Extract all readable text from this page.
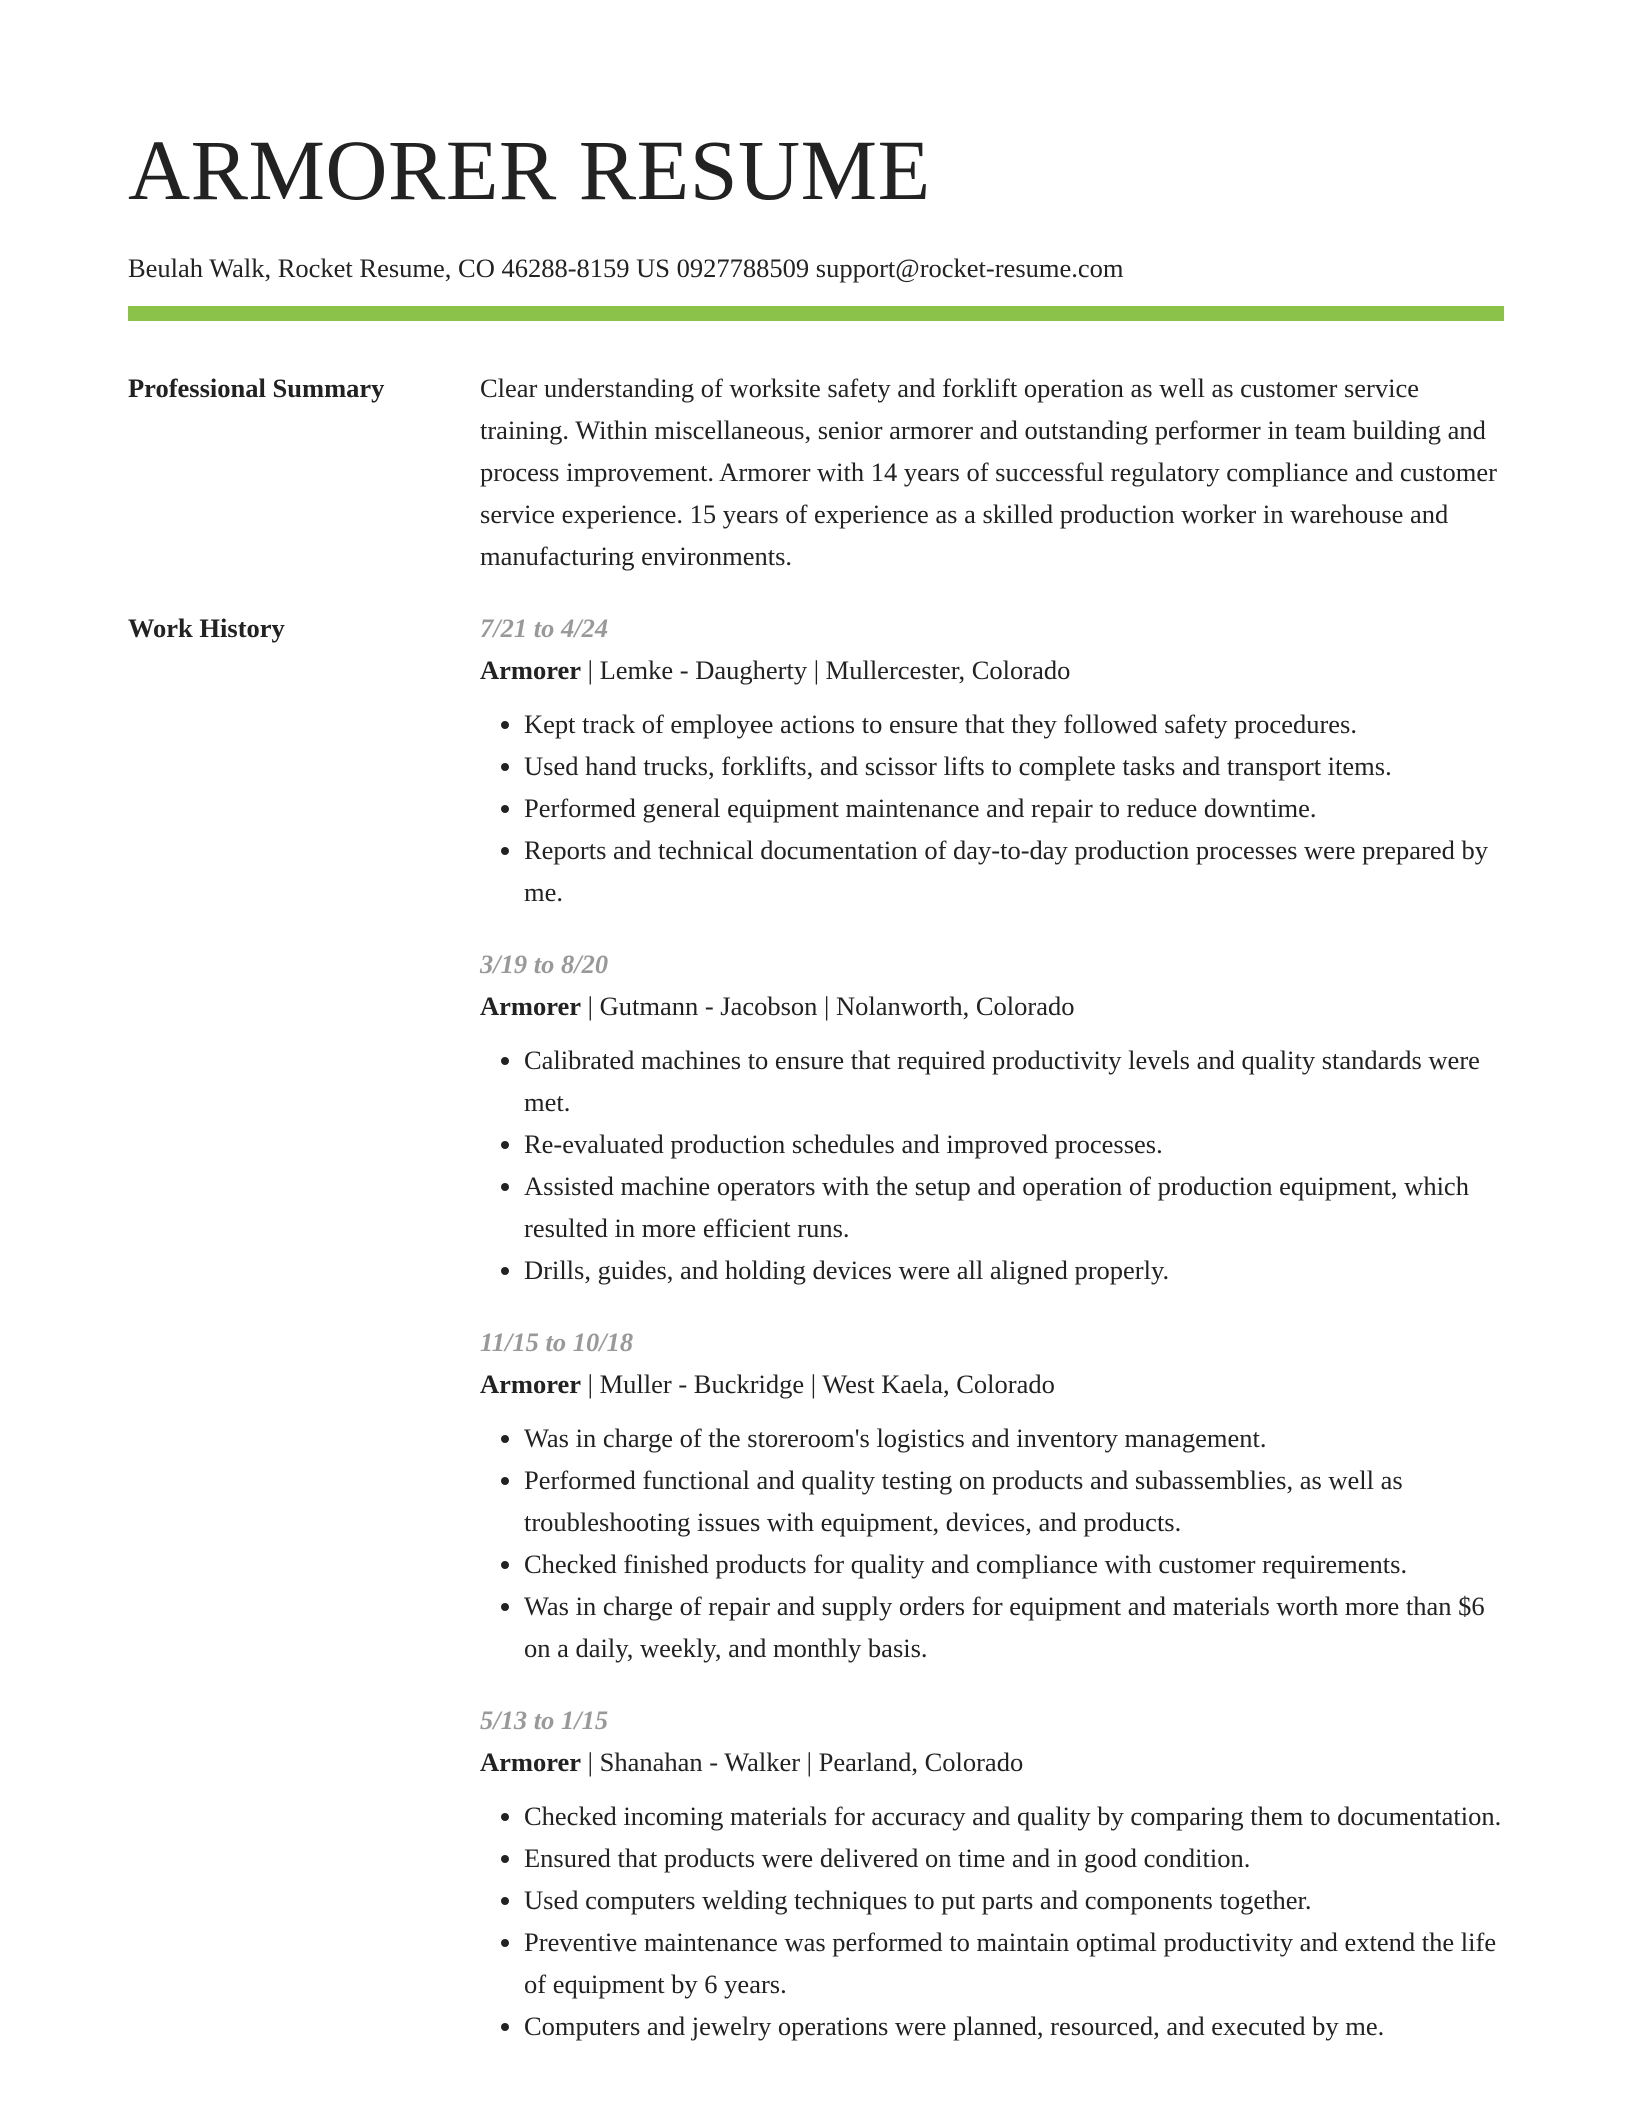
ARMORER RESUME
Beulah Walk, Rocket Resume, CO 46288-8159 US 0927788509 support@rocket-resume.com
Professional Summary	Clear understanding of worksite safety and forklift operation as well as customer service training. Within miscellaneous, senior armorer and outstanding performer in team building and process improvement. Armorer with 14 years of successful regulatory compliance and customer service experience. 15 years of experience as a skilled production worker in warehouse and manufacturing environments.

Work History	7/21 to 4/24
Armorer | Lemke - Daugherty | Mullercester, Colorado
• Kept track of employee actions to ensure that they followed safety procedures.
• Used hand trucks, forklifts, and scissor lifts to complete tasks and transport items.
• Performed general equipment maintenance and repair to reduce downtime.
• Reports and technical documentation of day-to-day production processes were prepared by me.
3/19 to 8/20
Armorer | Gutmann - Jacobson | Nolanworth, Colorado
• Calibrated machines to ensure that required productivity levels and quality standards were met.
• Re-evaluated production schedules and improved processes.
• Assisted machine operators with the setup and operation of production equipment, which resulted in more efficient runs.
• Drills, guides, and holding devices were all aligned properly.
11/15 to 10/18
Armorer | Muller - Buckridge | West Kaela, Colorado
• Was in charge of the storeroom's logistics and inventory management.
• Performed functional and quality testing on products and subassemblies, as well as troubleshooting issues with equipment, devices, and products.
• Checked finished products for quality and compliance with customer requirements.
• Was in charge of repair and supply orders for equipment and materials worth more than $6 on a daily, weekly, and monthly basis.
5/13 to 1/15
Armorer | Shanahan - Walker | Pearland, Colorado
• Checked incoming materials for accuracy and quality by comparing them to documentation.
• Ensured that products were delivered on time and in good condition.
• Used computers welding techniques to put parts and components together.
• Preventive maintenance was performed to maintain optimal productivity and extend the life of equipment by 6 years.
• Computers and jewelry operations were planned, resourced, and executed by me.
